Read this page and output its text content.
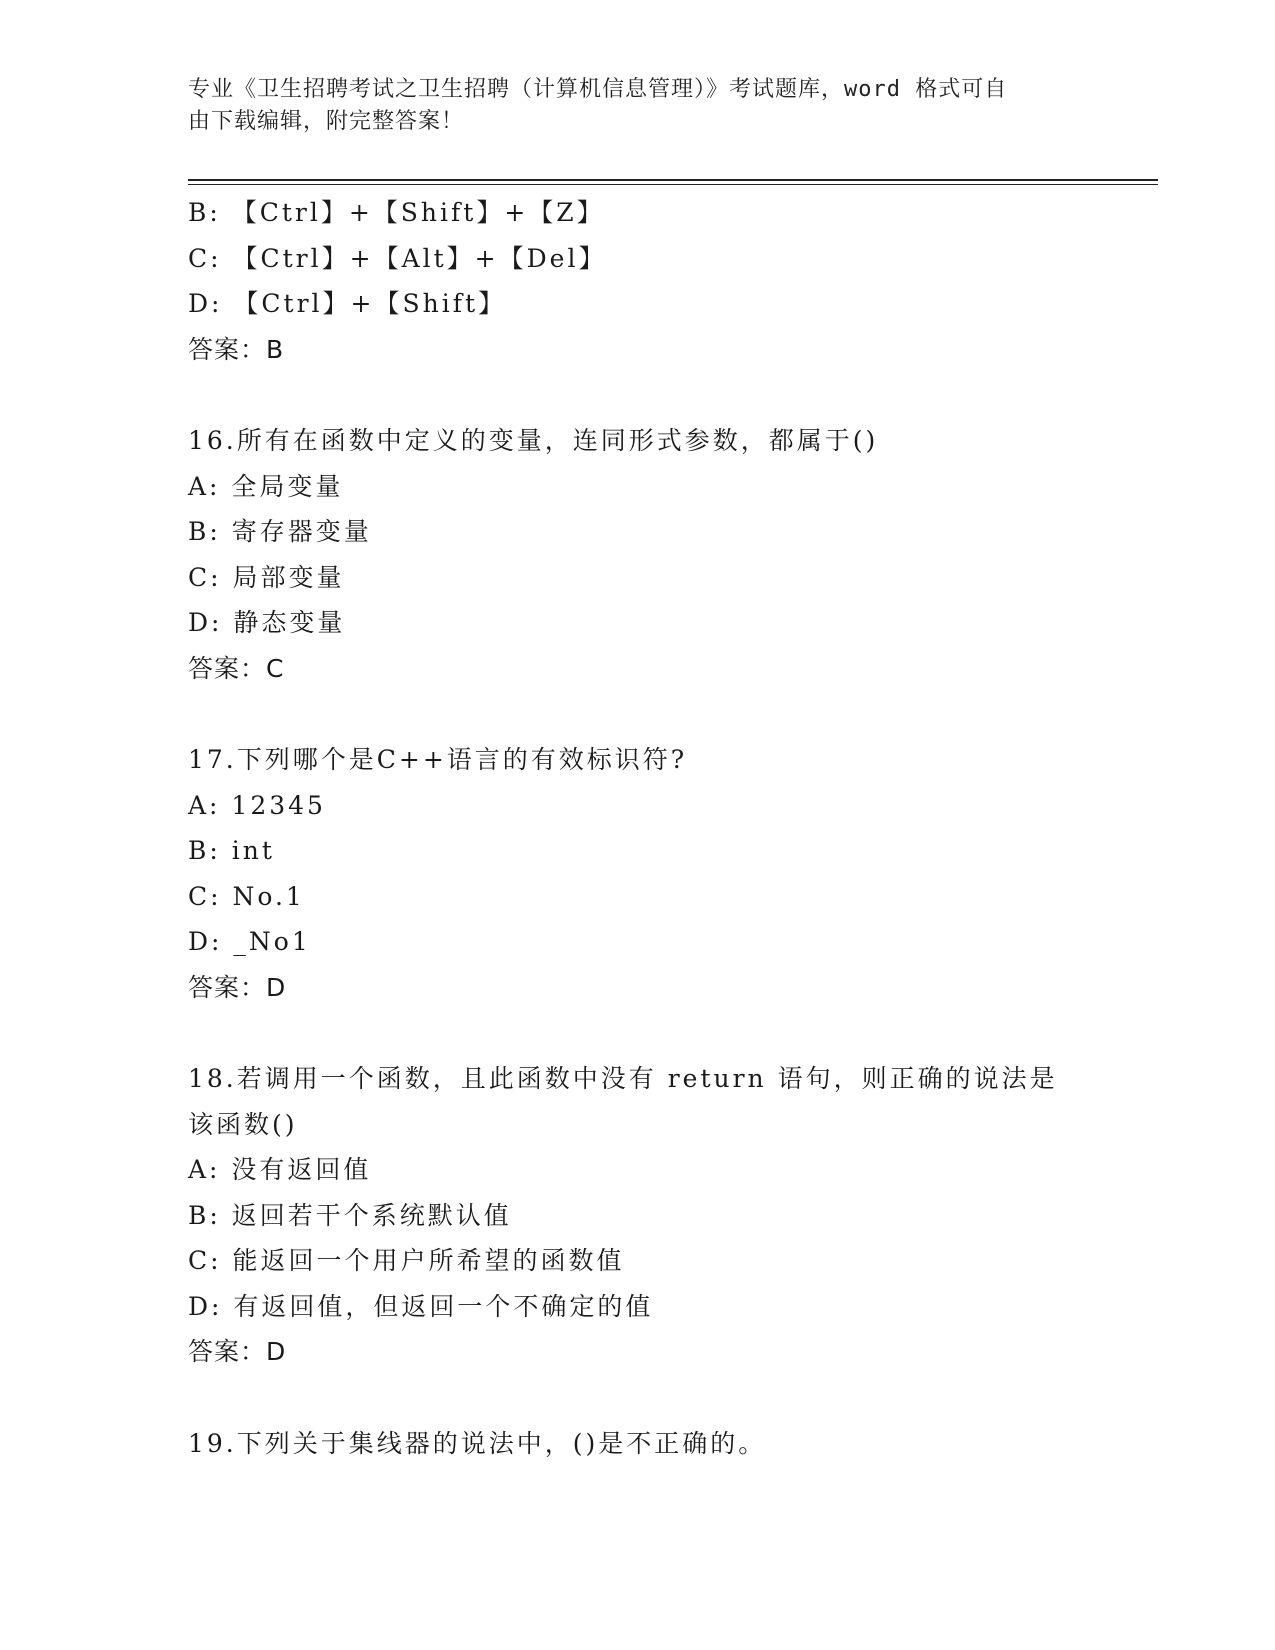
专业《卫生招聘考试之卫生招聘（计算机信息管理）》考试题库，word 格式可自
由下载编辑，附完整答案！
B: 【Ctrl】+【Shift】+【Z】
C: 【Ctrl】+【Alt】+【Del】
D: 【Ctrl】+【Shift】
答案：B
16.所有在函数中定义的变量，连同形式参数，都属于()
A: 全局变量
B: 寄存器变量
C: 局部变量
D: 静态变量
答案：C
17.下列哪个是C++语言的有效标识符?
A: 12345
B: int
C: No.1
D: _No1
答案：D
18.若调用一个函数，且此函数中没有 return 语句，则正确的说法是
该函数()
A: 没有返回值
B: 返回若干个系统默认值
C: 能返回一个用户所希望的函数值
D: 有返回值，但返回一个不确定的值
答案：D
19.下列关于集线器的说法中，()是不正确的。
